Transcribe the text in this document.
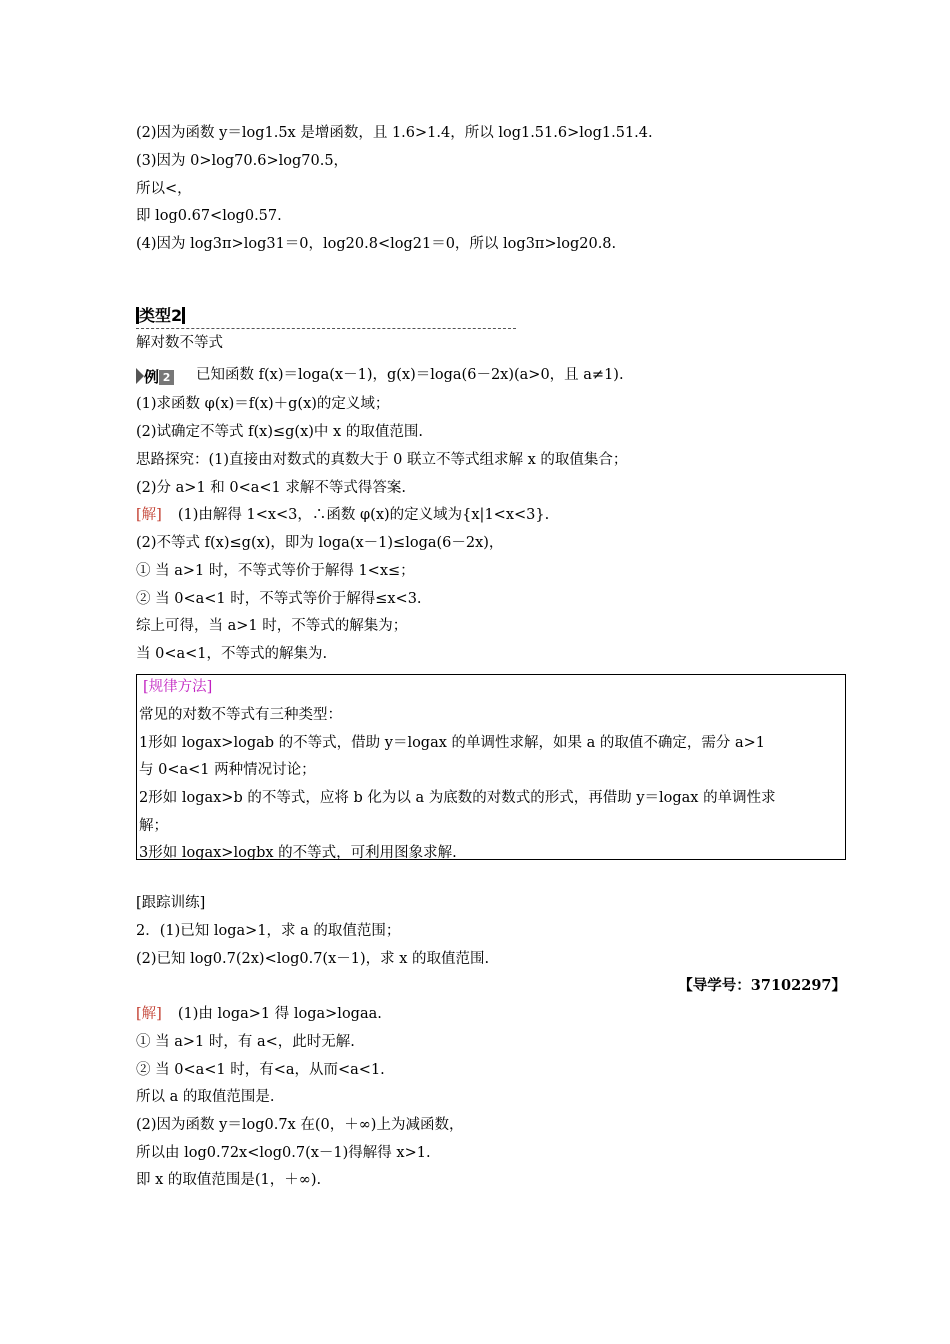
(2)因为函数 y＝log1.5x 是增函数，且 1.6>1.4，所以 log1.51.6>log1.51.4.
(3)因为 0>log70.6>log70.5，
所以<，
即 log0.67<log0.57.
(4)因为 log3π>log31＝0，log20.8<log21＝0，所以 log3π>log20.8.
类型2
解对数不等式
例 2 已知函数 f(x)＝loga(x－1)，g(x)＝loga(6－2x)(a>0，且 a≠1).
(1)求函数 φ(x)＝f(x)＋g(x)的定义域；
(2)试确定不等式 f(x)≤g(x)中 x 的取值范围.
思路探究：(1)直接由对数式的真数大于 0 联立不等式组求解 x 的取值集合；
(2)分 a>1 和 0<a<1 求解不等式得答案.
[解] (1)由解得 1<x<3，∴函数 φ(x)的定义域为{x|1<x<3}.
(2)不等式 f(x)≤g(x)，即为 loga(x－1)≤loga(6－2x)，
① 当 a>1 时，不等式等价于解得 1<x≤；
② 当 0<a<1 时，不等式等价于解得≤x<3.
综上可得，当 a>1 时，不等式的解集为；
当 0<a<1，不等式的解集为.
[规律方法]
常见的对数不等式有三种类型：
1形如 logax>logab 的不等式，借助 y＝logax 的单调性求解，如果 a 的取值不确定，需分 a>1
与 0<a<1 两种情况讨论；
2形如 logax>b 的不等式，应将 b 化为以 a 为底数的对数式的形式，再借助 y＝logax 的单调性求
解；
3形如 logax>logbx 的不等式，可利用图象求解.
[跟踪训练]
2．(1)已知 loga>1，求 a 的取值范围；
(2)已知 log0.7(2x)<log0.7(x－1)，求 x 的取值范围.
【导学号：37102297】
[解] (1)由 loga>1 得 loga>logaa.
① 当 a>1 时，有 a<，此时无解.
② 当 0<a<1 时，有<a，从而<a<1.
所以 a 的取值范围是.
(2)因为函数 y＝log0.7x 在(0，＋∞)上为减函数，
所以由 log0.72x<log0.7(x－1)得解得 x>1.
即 x 的取值范围是(1，＋∞).
